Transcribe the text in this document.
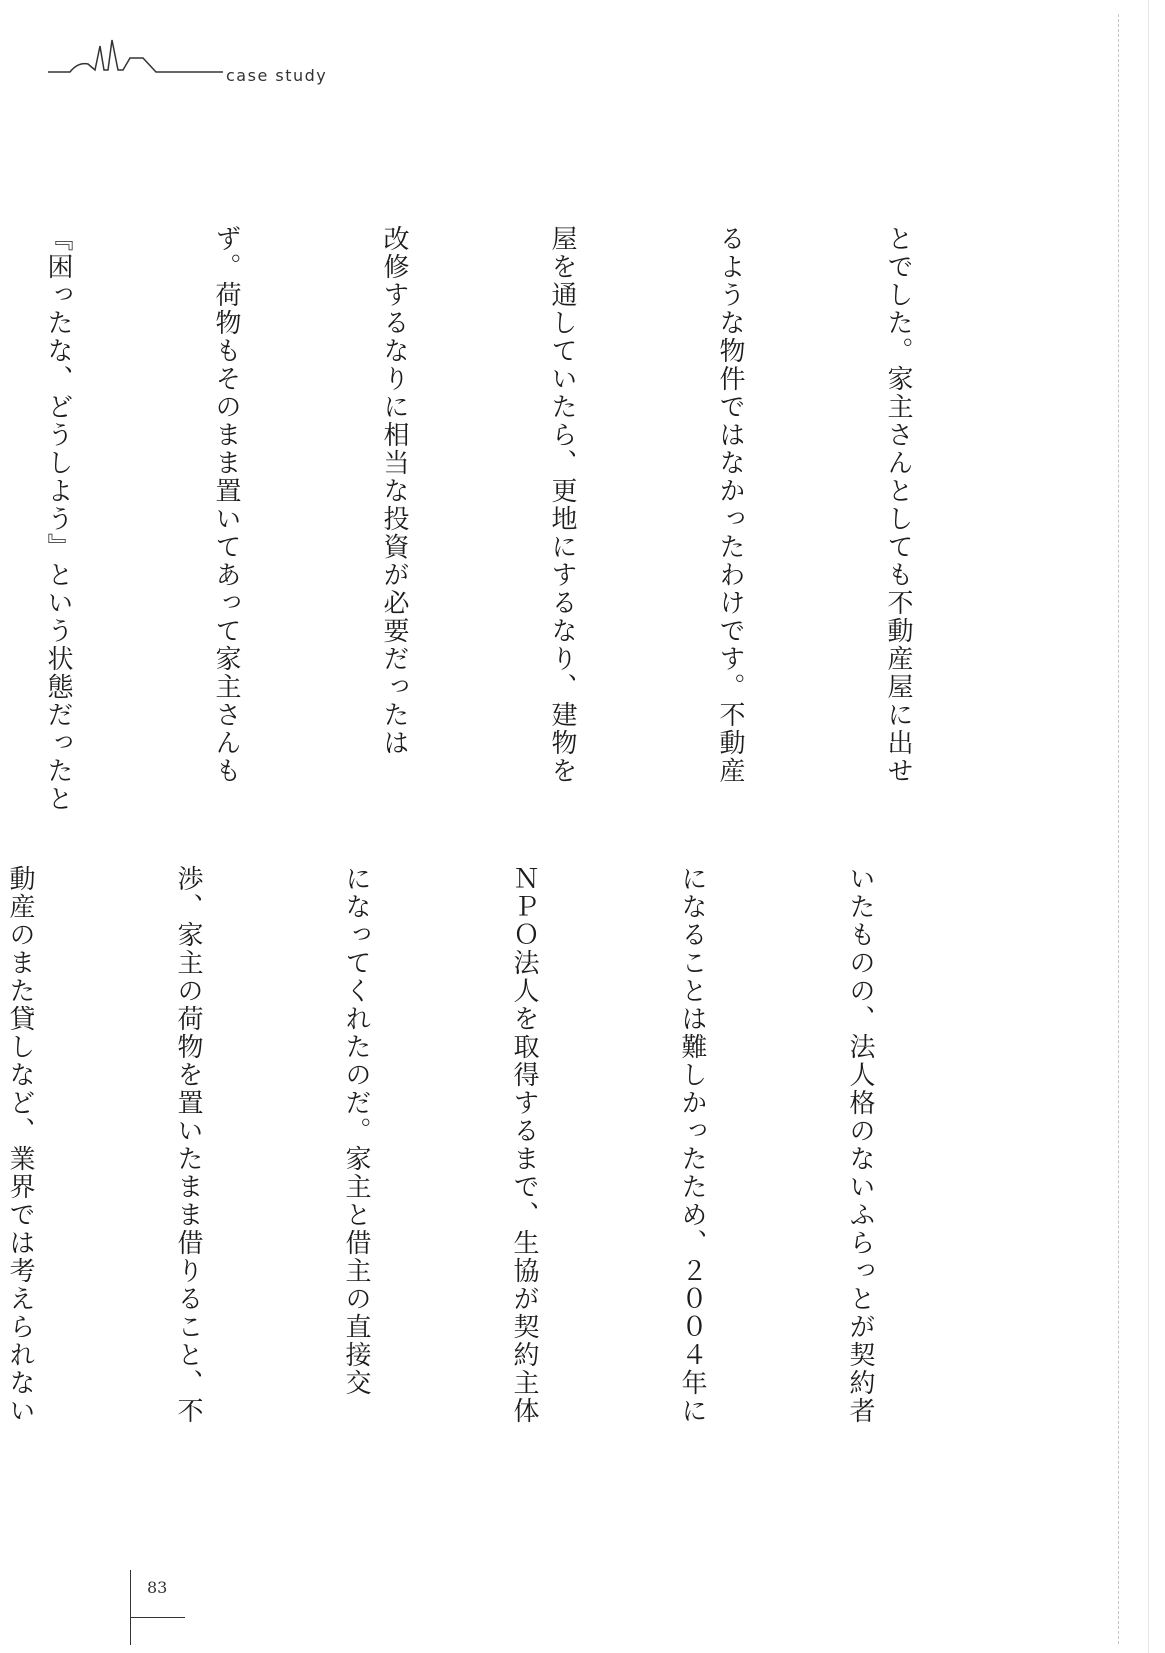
case study

とでした。家主さんとしても不動産屋に出せ

るような物件ではなかったわけです。不動産

屋を通していたら、更地にするなり、建物を

改修するなりに相当な投資が必要だったは

ず。荷物もそのまま置いてあって家主さんも

『困ったな、どうしよう』という状態だったと

いたものの、法人格のないふらっとが契約者

になることは難しかったため、２００４年に

ＮＰＯ法人を取得するまで、生協が契約主体

になってくれたのだ。家主と借主の直接交

渉、家主の荷物を置いたまま借りること、不

動産のまた貸しなど、業界では考えられない

83
